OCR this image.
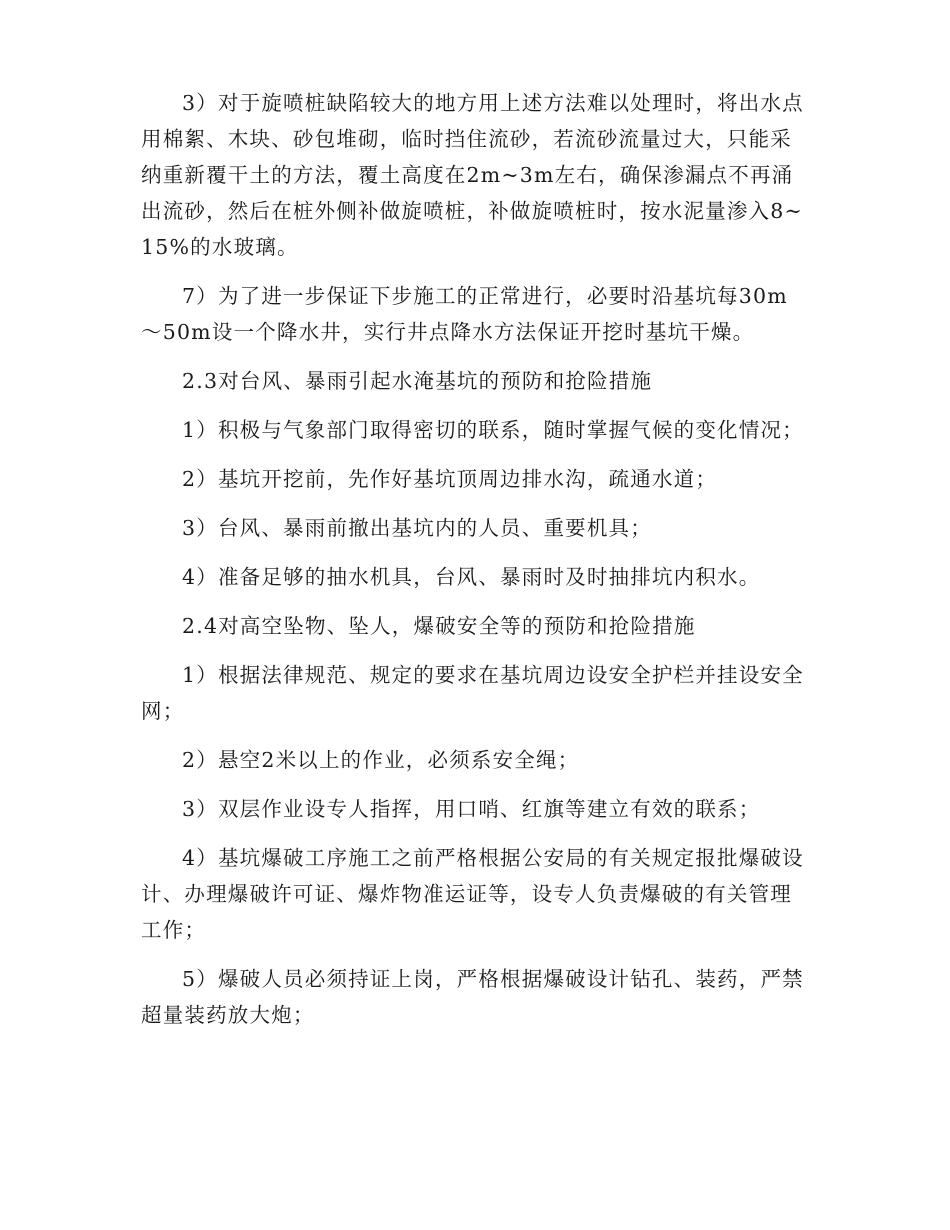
3）对于旋喷桩缺陷较大的地方用上述方法难以处理时，将出水点用棉絮、木块、砂包堆砌，临时挡住流砂，若流砂流量过大，只能采纳重新覆干土的方法，覆土高度在2m~3m左右，确保渗漏点不再涌出流砂，然后在桩外侧补做旋喷桩，补做旋喷桩时，按水泥量渗入8~15%的水玻璃。

7）为了进一步保证下步施工的正常进行，必要时沿基坑每30m～50m设一个降水井，实行井点降水方法保证开挖时基坑干燥。

2.3对台风、暴雨引起水淹基坑的预防和抢险措施

1）积极与气象部门取得密切的联系，随时掌握气候的变化情况；

2）基坑开挖前，先作好基坑顶周边排水沟，疏通水道；

3）台风、暴雨前撤出基坑内的人员、重要机具；

4）准备足够的抽水机具，台风、暴雨时及时抽排坑内积水。

2.4对高空坠物、坠人，爆破安全等的预防和抢险措施

1）根据法律规范、规定的要求在基坑周边设安全护栏并挂设安全网；

2）悬空2米以上的作业，必须系安全绳；

3）双层作业设专人指挥，用口哨、红旗等建立有效的联系；

4）基坑爆破工序施工之前严格根据公安局的有关规定报批爆破设计、办理爆破许可证、爆炸物准运证等，设专人负责爆破的有关管理工作；

5）爆破人员必须持证上岗，严格根据爆破设计钻孔、装药，严禁超量装药放大炮；
